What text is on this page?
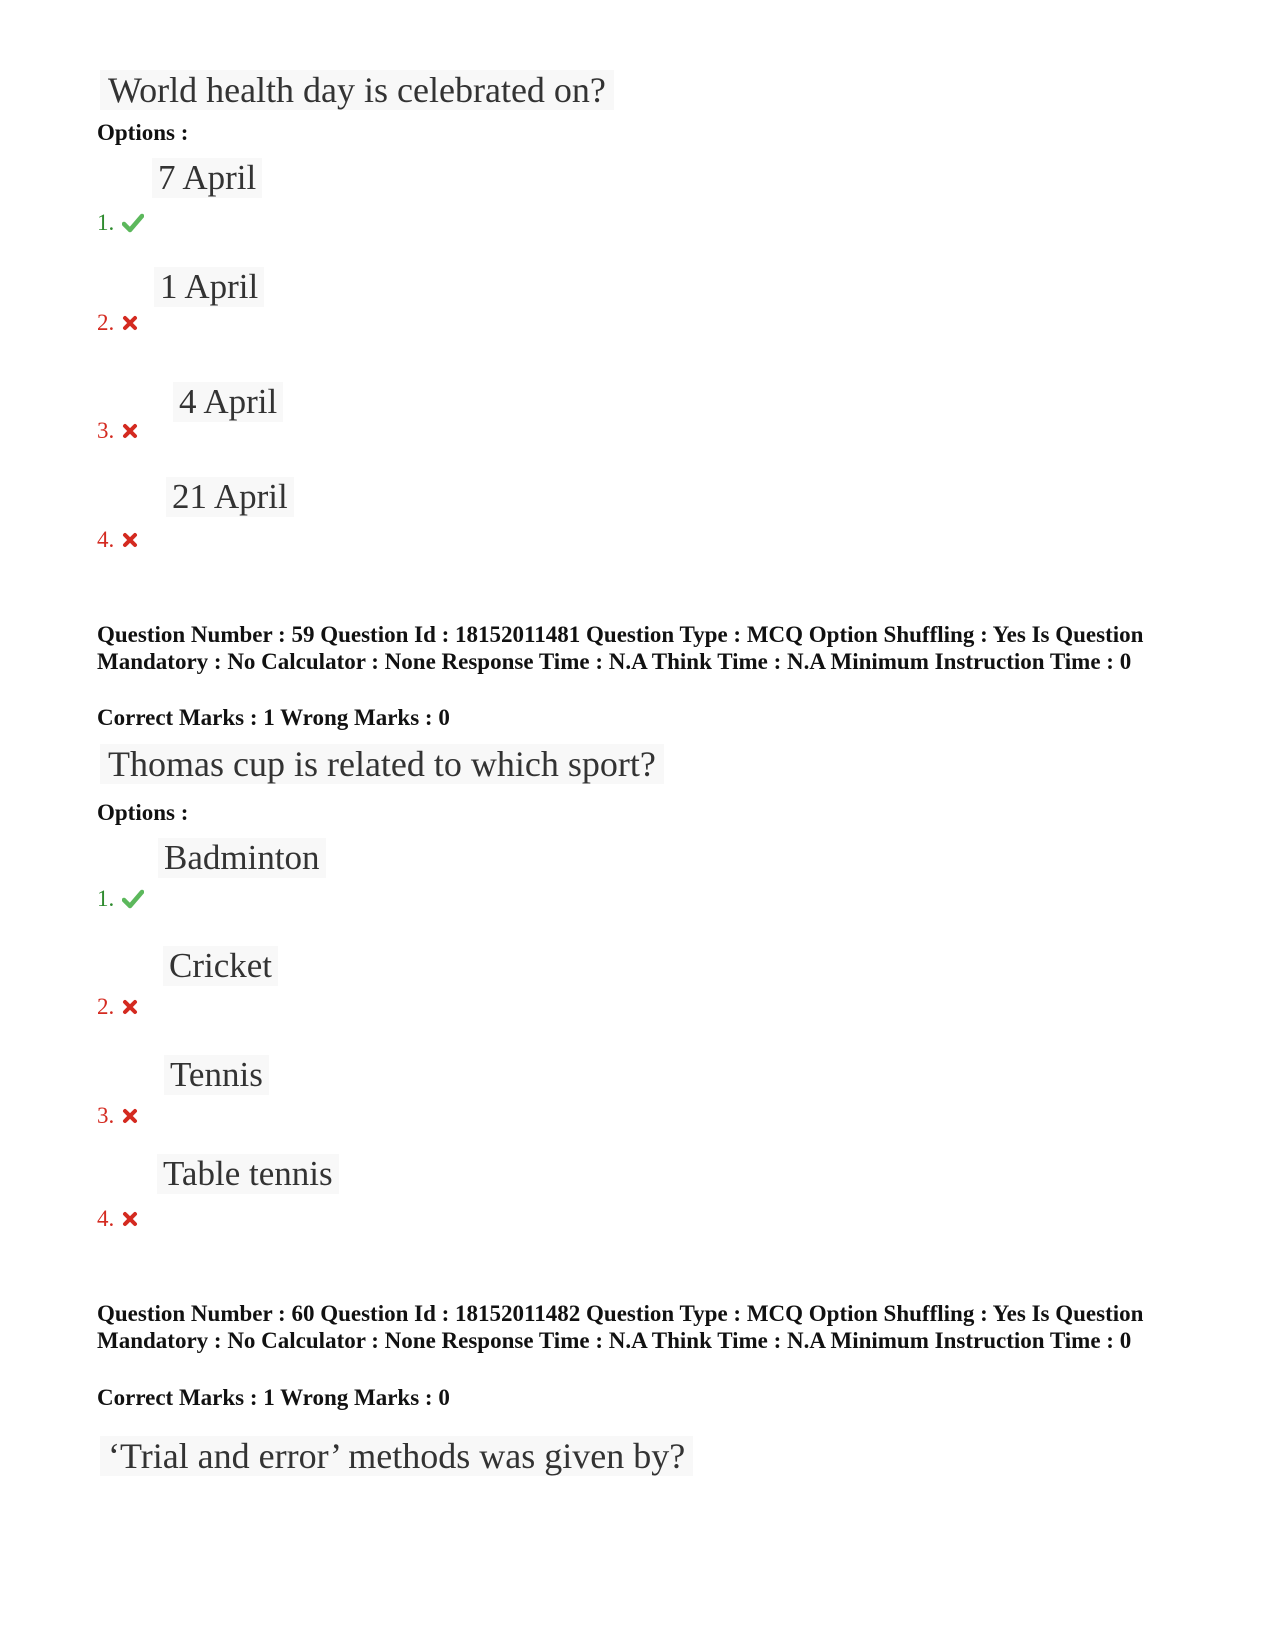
World health day is celebrated on?
Options :
7 April
1.
1 April
2.
4 April
3.
21 April
4.
Question Number : 59 Question Id : 18152011481 Question Type : MCQ Option Shuffling : Yes Is Question Mandatory : No Calculator : None Response Time : N.A Think Time : N.A Minimum Instruction Time : 0
Correct Marks : 1 Wrong Marks : 0
Thomas cup is related to which sport?
Options :
Badminton
1.
Cricket
2.
Tennis
3.
Table tennis
4.
Question Number : 60 Question Id : 18152011482 Question Type : MCQ Option Shuffling : Yes Is Question Mandatory : No Calculator : None Response Time : N.A Think Time : N.A Minimum Instruction Time : 0
Correct Marks : 1 Wrong Marks : 0
‘Trial and error’ methods was given by?
